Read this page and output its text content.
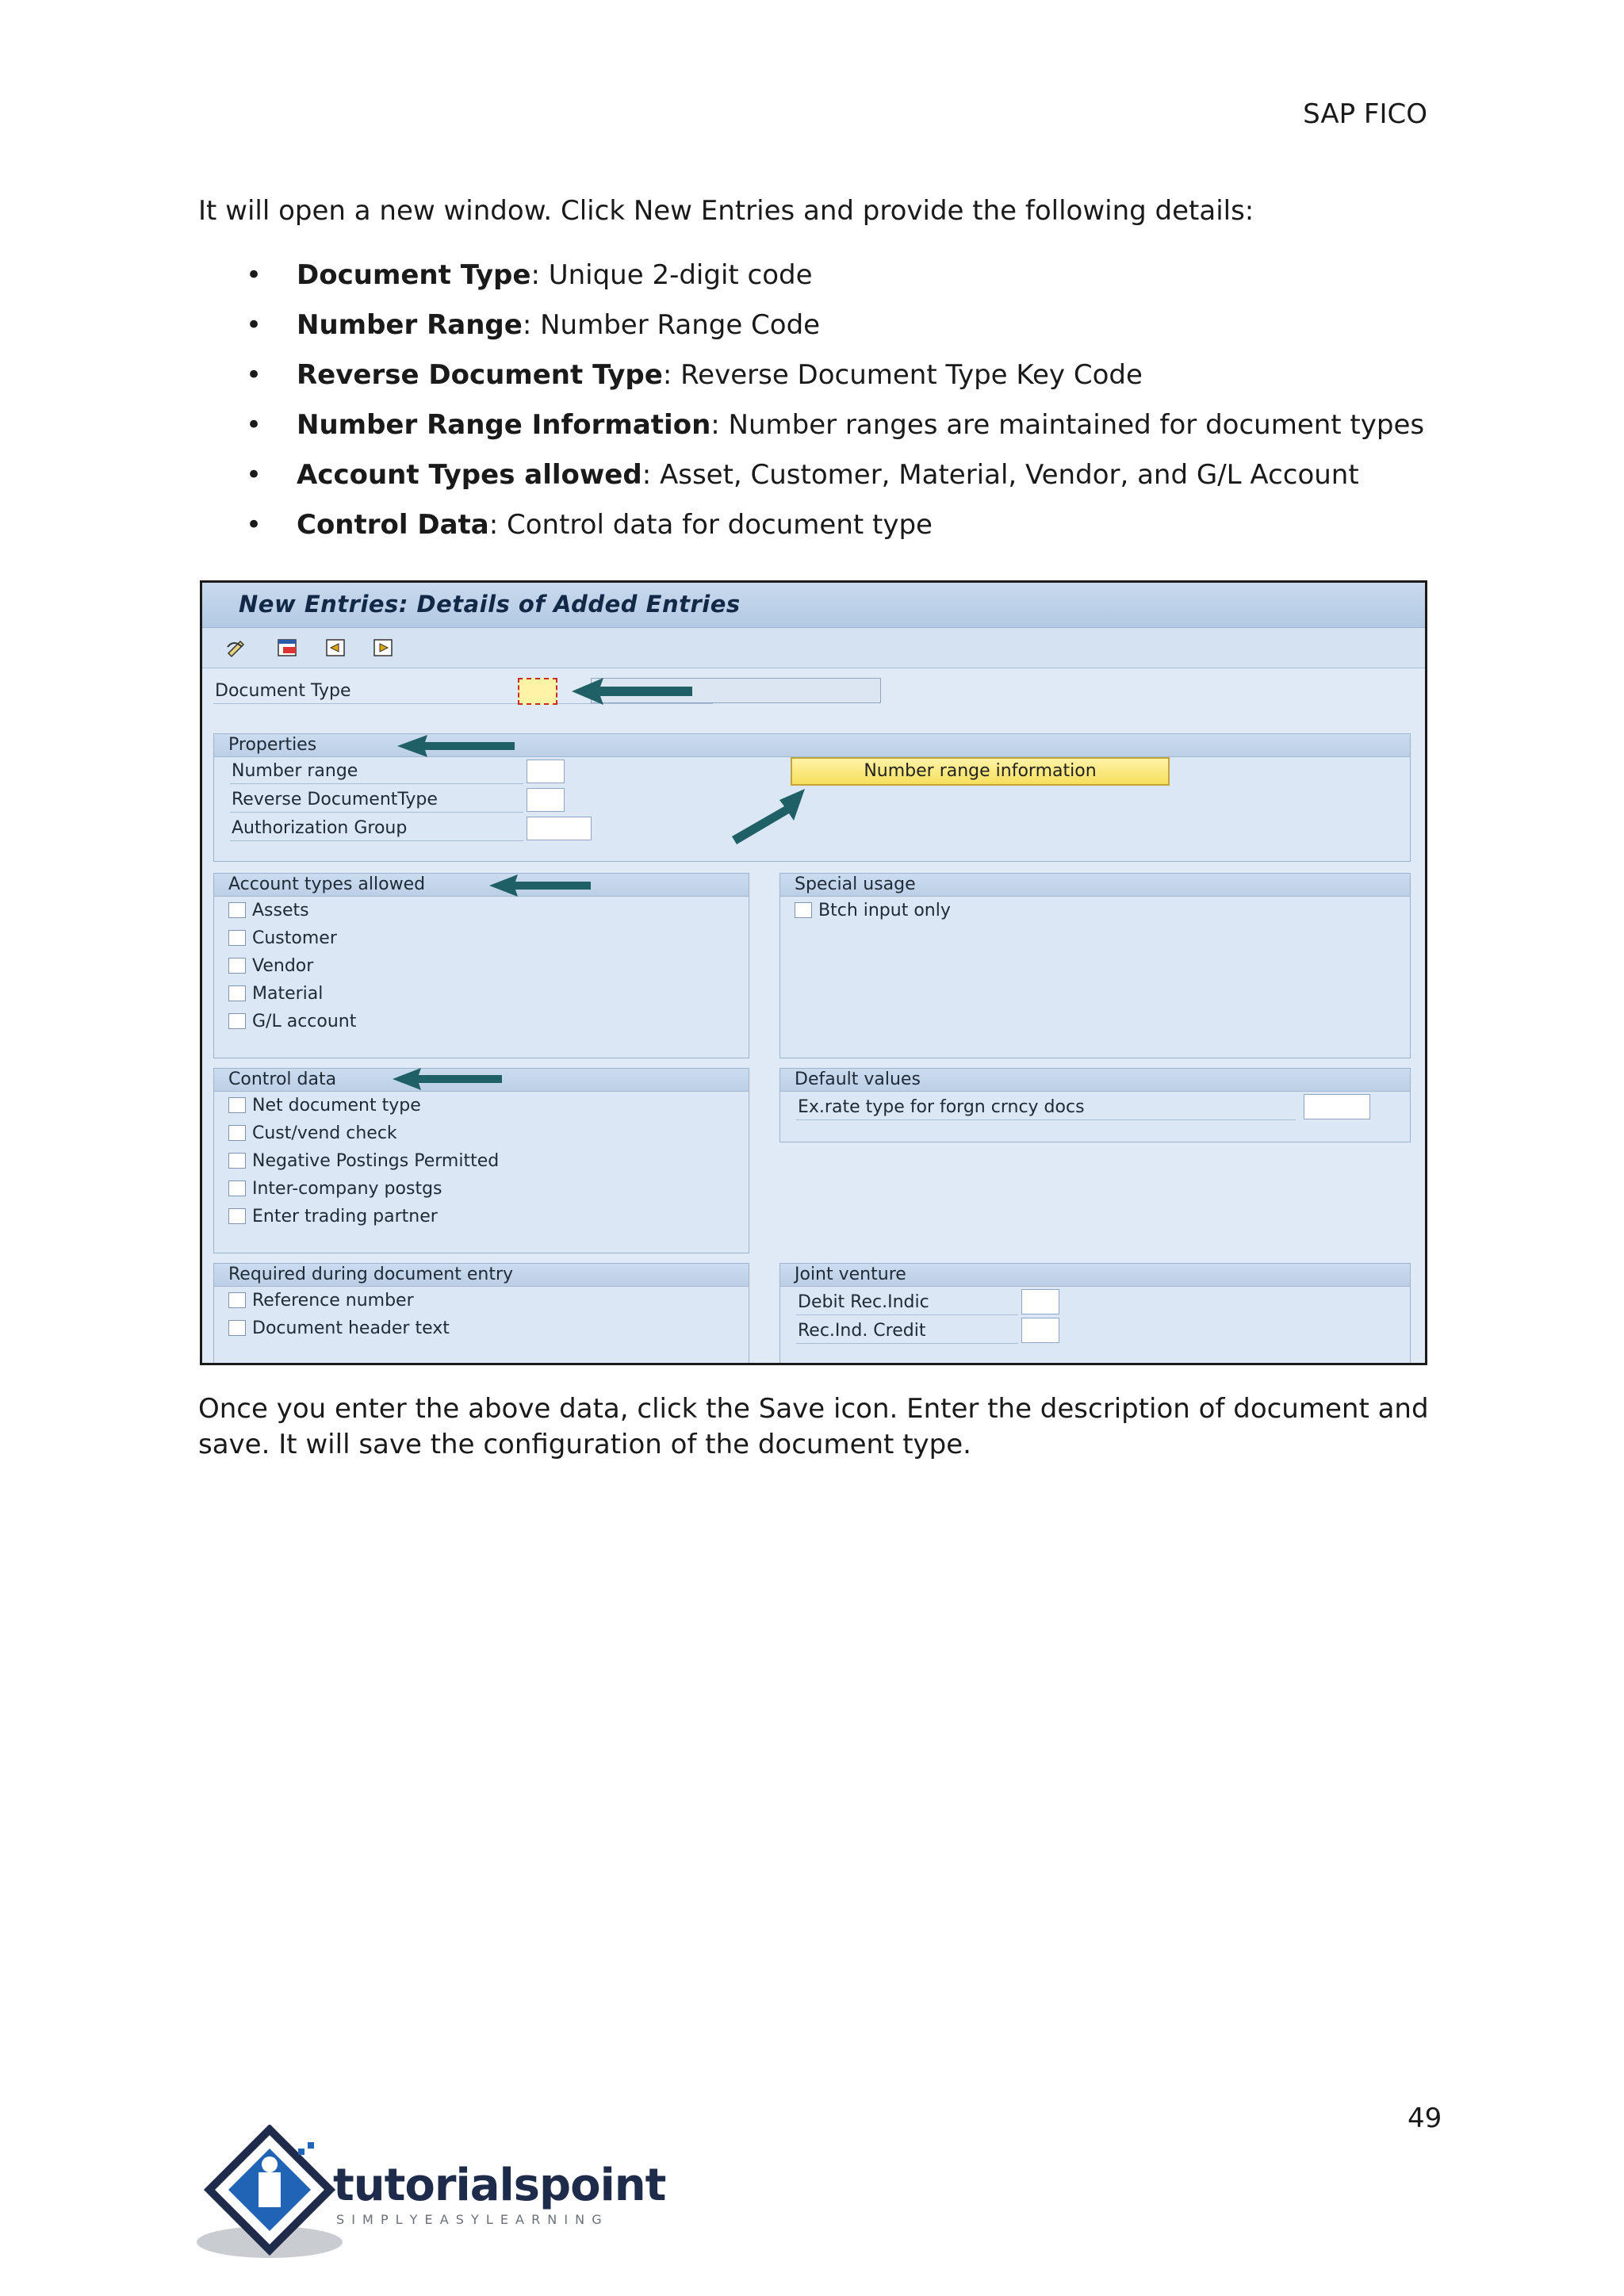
SAP FICO
It will open a new window. Click New Entries and provide the following details:
• Document Type: Unique 2-digit code
• Number Range: Number Range Code
• Reverse Document Type: Reverse Document Type Key Code
• Number Range Information: Number ranges are maintained for document types
• Account Types allowed: Asset, Customer, Material, Vendor, and G/L Account
• Control Data: Control data for document type
New Entries: Details of Added Entries
Document Type
Properties
Number range
Reverse DocumentType
Authorization Group
Number range information
Account types allowed
Assets
Customer
Vendor
Material
G/L account
Special usage
Btch input only
Control data
Net document type
Cust/vend check
Negative Postings Permitted
Inter-company postgs
Enter trading partner
Default values
Ex.rate type for forgn crncy docs
Required during document entry
Reference number
Document header text
Joint venture
Debit Rec.Indic
Rec.Ind. Credit
Once you enter the above data, click the Save icon. Enter the description of document and save. It will save the configuration of the document type.
49
tutorialspoint
S I M P L Y E A S Y L E A R N I N G
